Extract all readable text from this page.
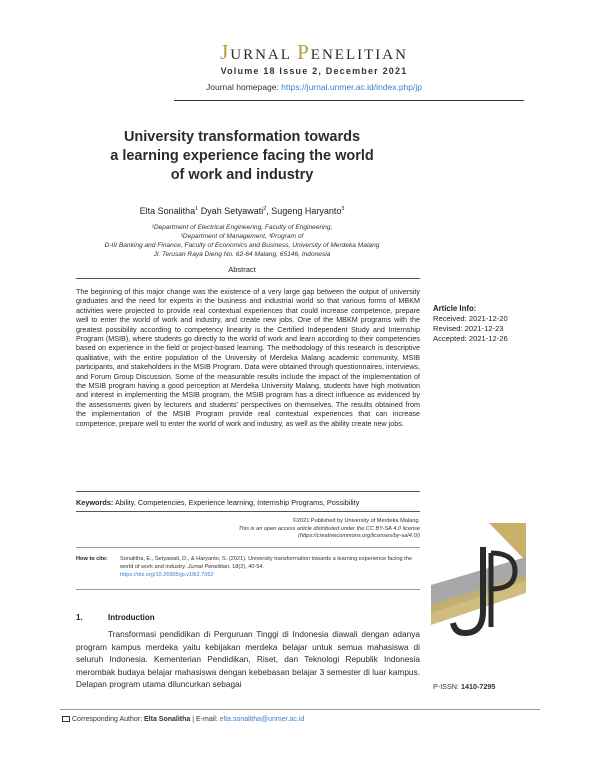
JURNAL PENELITIAN
Volume 18 Issue 2, December 2021
Journal homepage: https://jurnal.unmer.ac.id/index.php/jp
University transformation towards
a learning experience facing the world
of work and industry
Elta Sonalitha$^1$ Dyah Setyawati$^2$, Sugeng Haryanto$^3$
¹Department of Electrical Engineering, Faculty of Engineering,
²Department of Management, ³Program of
D-III Banking and Finance, Faculty of Economics and Business, University of Merdeka Malang
Jl. Terusan Raya Dieng No. 62-64 Malang, 65146, Indonesia
Abstract
The beginning of this major change was the existence of a very large gap between the output of university graduates and the need for experts in the business and industrial world so that various forms of MBKM activities were projected to provide real contextual experiences that could increase competence, prepare well to enter the world of work and industry, and create new jobs. One of the MBKM programs with the greatest possibility according to competency linearity is the Certified Independent Study and Internship Program (MSIB), where students go directly to the world of work and learn according to their competencies based on experience in the field or project-based learning. The methodology of this research is descriptive qualitative, with the entire population of the University of Merdeka Malang academic community, MSIB participants, and stakeholders in the MSIB Program. Data were obtained through questionnaires, interviews, and Forum Group Discussion. Some of the measurable results include the impact of the implementation of the MSIB program having a good perception at Merdeka University Malang, students have high motivation and interest in implementing the MSIB program, the MSIB program has a direct influence as evidenced by the assessments given by lecturers and students' perspectives on themselves. The results obtained from the implementation of the MSIB Program provide real contextual experiences that can increase competence, prepare well to enter the world of work and industry, as well as the ability create new jobs.
Article Info:
Received: 2021-12-20
Revised: 2021-12-23
Accepted: 2021-12-26
Keywords: Ability, Competencies, Experience learning, Internship Programs, Possibility
©2021 Published by University of Merdeka Malang.
This is an open access article distributed under the CC BY-SA 4.0 license
(https://creativecommons.org/licenses/by-sa/4.0/)
How to cite: Sonalitha, E., Setyawati, D., & Haryanto, S. (2021). University transformation towards a learning experience facing the world of work and industry. Jurnal Penelitian, 18(2), 40-54.
https://doi.org/10.26905/jp.v18i2.7062
P-ISSN: 1410-7295
1.	Introduction
Transformasi pendidikan di Perguruan Tinggi di Indonesia diawali dengan adanya program kampus merdeka yaitu kebijakan merdeka belajar untuk semua mahasiswa di seluruh Indonesia. Kementerian Pendidikan, Riset, dan Teknologi Republik Indonesia merombak budaya belajar mahasiswa dengan kebebasan belajar 3 semester di luar kampus. Delapan program utama diluncurkan sebagai
Corresponding Author: Elta Sonalitha | E-mail: elta.sonalitha@unmer.ac.id
